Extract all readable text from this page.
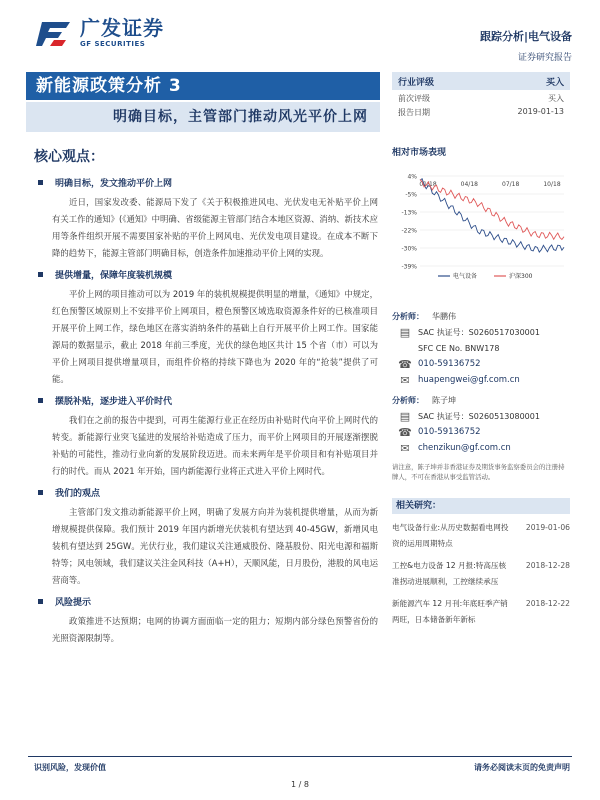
广发证券
GF SECURITIES
跟踪分析|电气设备
证券研究报告
新能源政策分析 3
明确目标，主管部门推动风光平价上网
核心观点：
明确目标，发文推动平价上网
近日，国家发改委、能源局下发了《关于积极推进风电、光伏发电无补贴平价上网有关工作的通知》(《通知》中明确、省级能源主管部门结合本地区资源、消纳、新技术应用等条件组织开展不需要国家补贴的平价上网风电、光伏发电项目建设。在成本不断下降的趋势下，能源主管部门明确目标，创造条件加速推动平价上网的实现。
提供增量，保障年度装机规模
平价上网的项目推动可以为 2019 年的装机规模提供明显的增量，《通知》中规定，红色预警区域原则上不安排平价上网项目，橙色预警区域选取资源条件好的已核准项目开展平价上网工作，绿色地区在落实消纳条件的基础上自行开展平价上网工作。国家能源局的数据显示，截止 2018 年前三季度，光伏的绿色地区共计 15 个省（市）可以为平价上网项目提供增量项目，而组件价格的持续下降也为 2020 年的“抢装”提供了可能。
摆脱补贴，逐步进入平价时代
我们在之前的报告中提到，可再生能源行业正在经历由补贴时代向平价上网时代的转变。新能源行业突飞猛进的发展给补贴造成了压力，而平价上网项目的开展逐渐摆脱补贴的可能性，推动行业向新的发展阶段迈进。而未来两年是平价项目和有补贴项目并行的时代。而从 2021 年开始，国内新能源行业将正式进入平价上网时代。
我们的观点
主管部门发文推动新能源平价上网，明确了发展方向并为装机提供增量，从而为新增规模提供保障。我们预计 2019 年国内新增光伏装机有望达到 40-45GW，新增风电装机有望达到 25GW。光伏行业，我们建议关注通威股份、隆基股份、阳光电源和福斯特等；风电领域，我们建议关注金风科技（A+H），天顺风能，日月股份，港股的风电运营商等。
风险提示
政策推进不达预期；电网的协调方面面临一定的阻力；短期内部分绿色预警省份的光照资源限制等。
行业评级	买入
前次评级	买入
报告日期	2019-01-13
相对市场表现
4%
-5%
-13%
-22%
-30%
-39%
01/18	04/18	07/18	10/18
电气设备	沪深300
分析师：	华鹏伟
▤ SAC 执证号：S0260517030001
SFC CE No. BNW178
☎ 010-59136752
✉ huapengwei@gf.com.cn
分析师：	陈子坤
▤ SAC 执证号：S0260513080001
☎ 010-59136752
✉ chenzikun@gf.com.cn
请注意，陈子坤并非香港证券及期货事务监察委员会的注册持牌人，不可在香港从事受监管活动。
相关研究：
电气设备行业:从历史数据看电网投资的运用周期特点
2019-01-06
工控&电力设备 12 月报:特高压核准拐动进展顺利，工控继续承压
2018-12-28
新能源汽车 12 月刊:年底旺季产销两旺，日本储备新年新标
2018-12-22
识别风险，发现价值	请务必阅读末页的免责声明
1 / 8
